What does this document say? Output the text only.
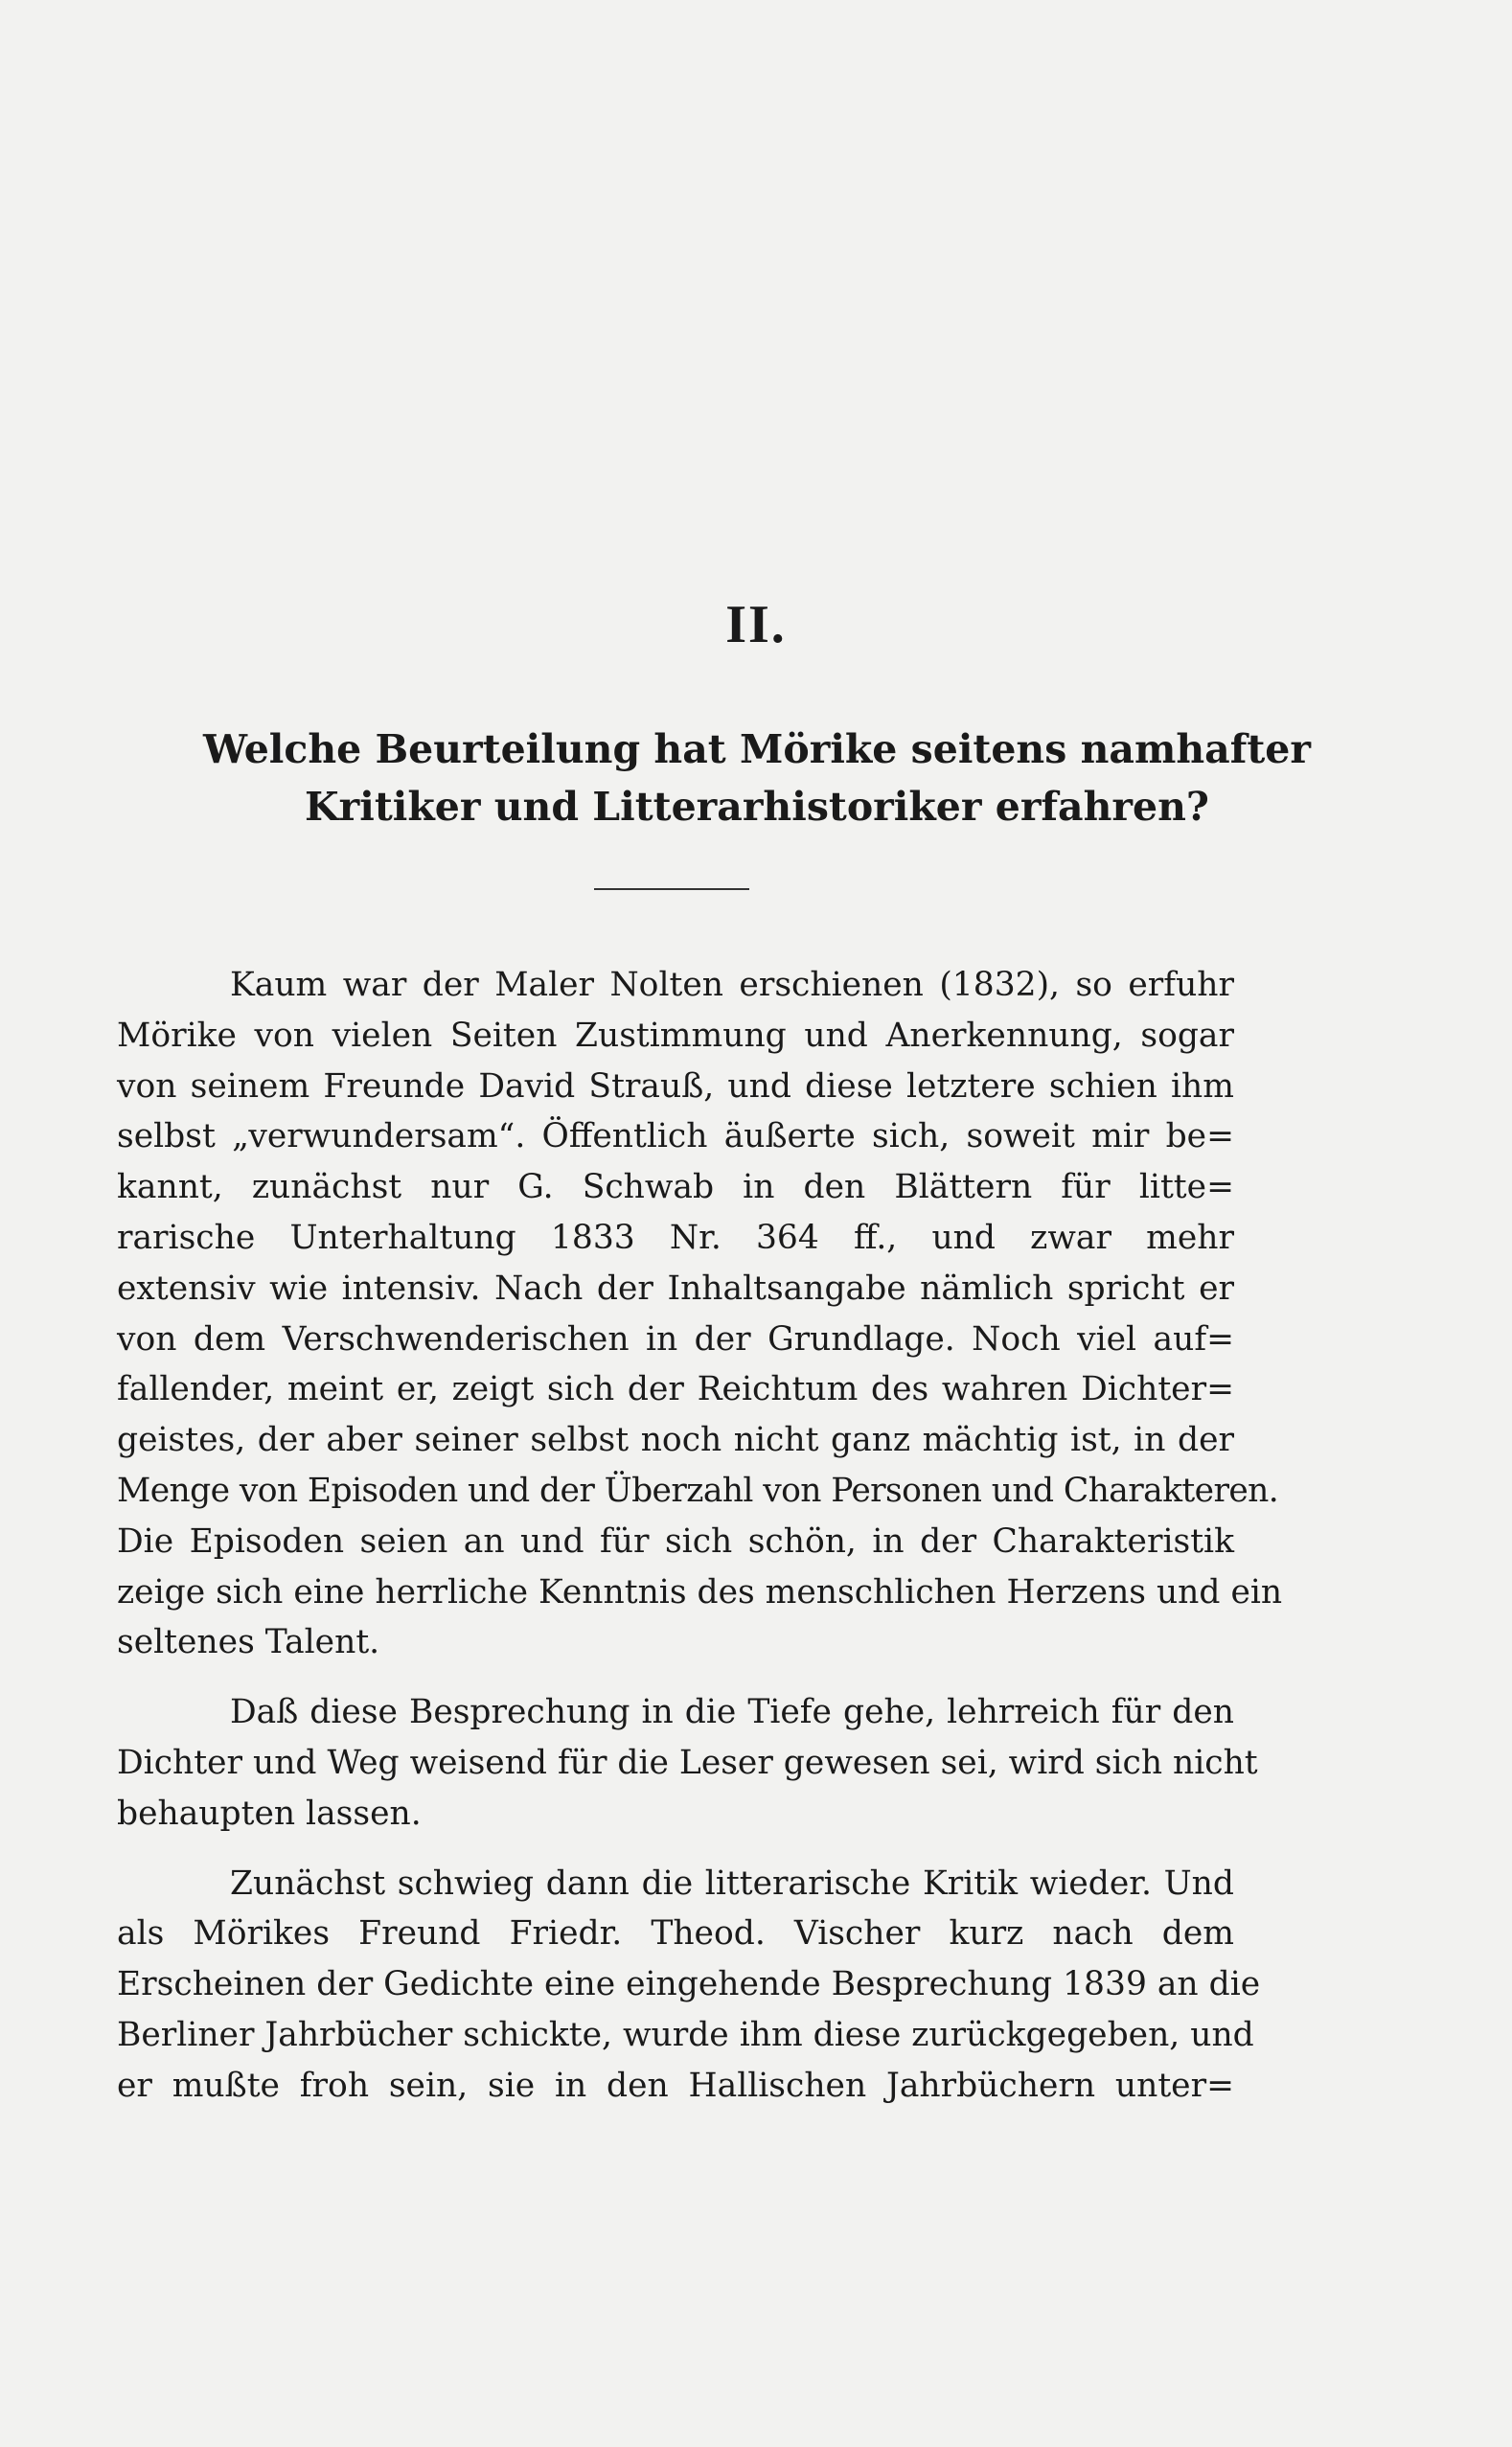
II.
Welche Beurteilung hat Mörike seitens namhafter
Kritiker und Litterarhistoriker erfahren?
Kaum war der Maler Nolten erschienen (1832), so erfuhr
Mörike von vielen Seiten Zustimmung und Anerkennung, sogar
von seinem Freunde David Strauß, und diese letztere schien ihm
selbst „verwundersam“. Öffentlich äußerte sich, soweit mir be=
kannt, zunächst nur G. Schwab in den Blättern für litte=
rarische Unterhaltung 1833 Nr. 364 ff., und zwar mehr
extensiv wie intensiv. Nach der Inhaltsangabe nämlich spricht er
von dem Verschwenderischen in der Grundlage. Noch viel auf=
fallender, meint er, zeigt sich der Reichtum des wahren Dichter=
geistes, der aber seiner selbst noch nicht ganz mächtig ist, in der
Menge von Episoden und der Überzahl von Personen und Charakteren.
Die Episoden seien an und für sich schön, in der Charakteristik
zeige sich eine herrliche Kenntnis des menschlichen Herzens und ein
seltenes Talent.
Daß diese Besprechung in die Tiefe gehe, lehrreich für den
Dichter und Weg weisend für die Leser gewesen sei, wird sich nicht
behaupten lassen.
Zunächst schwieg dann die litterarische Kritik wieder. Und
als Mörikes Freund Friedr. Theod. Vischer kurz nach dem
Erscheinen der Gedichte eine eingehende Besprechung 1839 an die
Berliner Jahrbücher schickte, wurde ihm diese zurückgegeben, und
er mußte froh sein, sie in den Hallischen Jahrbüchern unter=
